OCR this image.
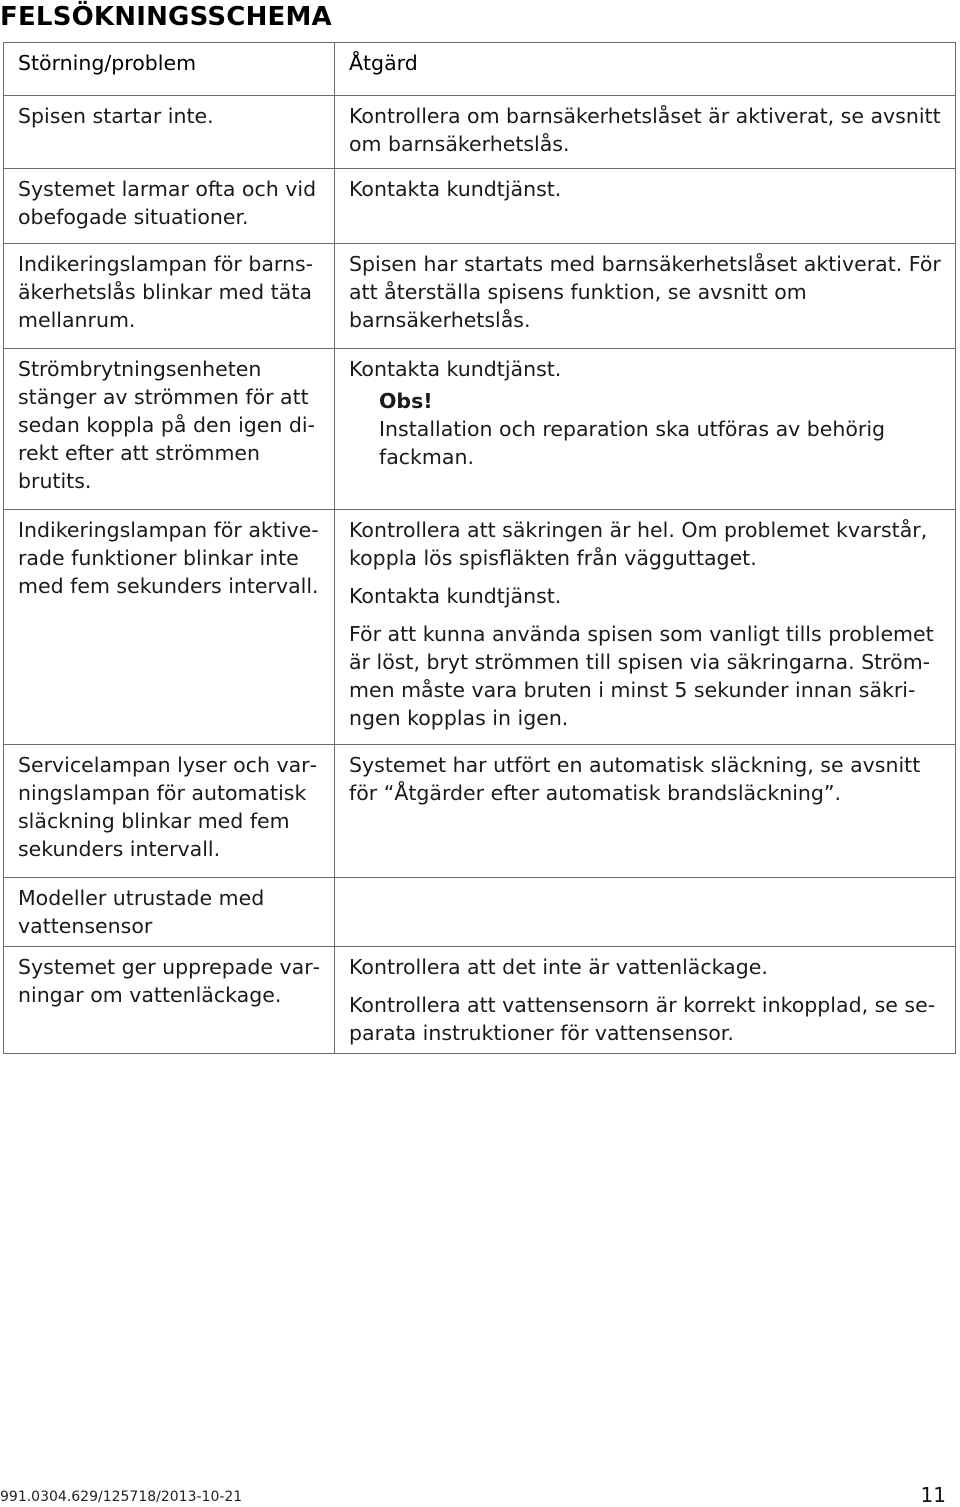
FELSÖKNINGSSCHEMA
Störning/problem	Åtgärd
Spisen startar inte.	Kontrollera om barnsäkerhetslåset är aktiverat, se avsnitt om barnsäkerhetslås.

Systemet larmar ofta och vid obefogade situationer.	Kontakta kundtjänst.

Indikeringslampan för barnsäkerhetslås blinkar med täta mellanrum.	Spisen har startats med barnsäkerhetslåset aktiverat. För att återställa spisens funktion, se avsnitt om barnsäkerhetslås.

Strömbrytningsenheten stänger av strömmen för att sedan koppla på den igen direkt efter att strömmen brutits.	Kontakta kundtjänst.
Obs!
Installation och reparation ska utföras av behörig fackman.

Indikeringslampan för aktiverade funktioner blinkar inte med fem sekunders intervall.	Kontrollera att säkringen är hel. Om problemet kvarstår, koppla lös spisfläkten från vägguttaget.
Kontakta kundtjänst.
För att kunna använda spisen som vanligt tills problemet är löst, bryt strömmen till spisen via säkringarna. Strömmen måste vara bruten i minst 5 sekunder innan säkringen kopplas in igen.

Servicelampan lyser och varningslampan för automatisk släckning blinkar med fem sekunders intervall.	Systemet har utfört en automatisk släckning, se avsnitt för “Åtgärder efter automatisk brandsläckning”.

Modeller utrustade med vattensensor	
Systemet ger upprepade varningar om vattenläckage.	Kontrollera att det inte är vattenläckage.
Kontrollera att vattensensorn är korrekt inkopplad, se separata instruktioner för vattensensor.
991.0304.629/125718/2013-10-21	11
